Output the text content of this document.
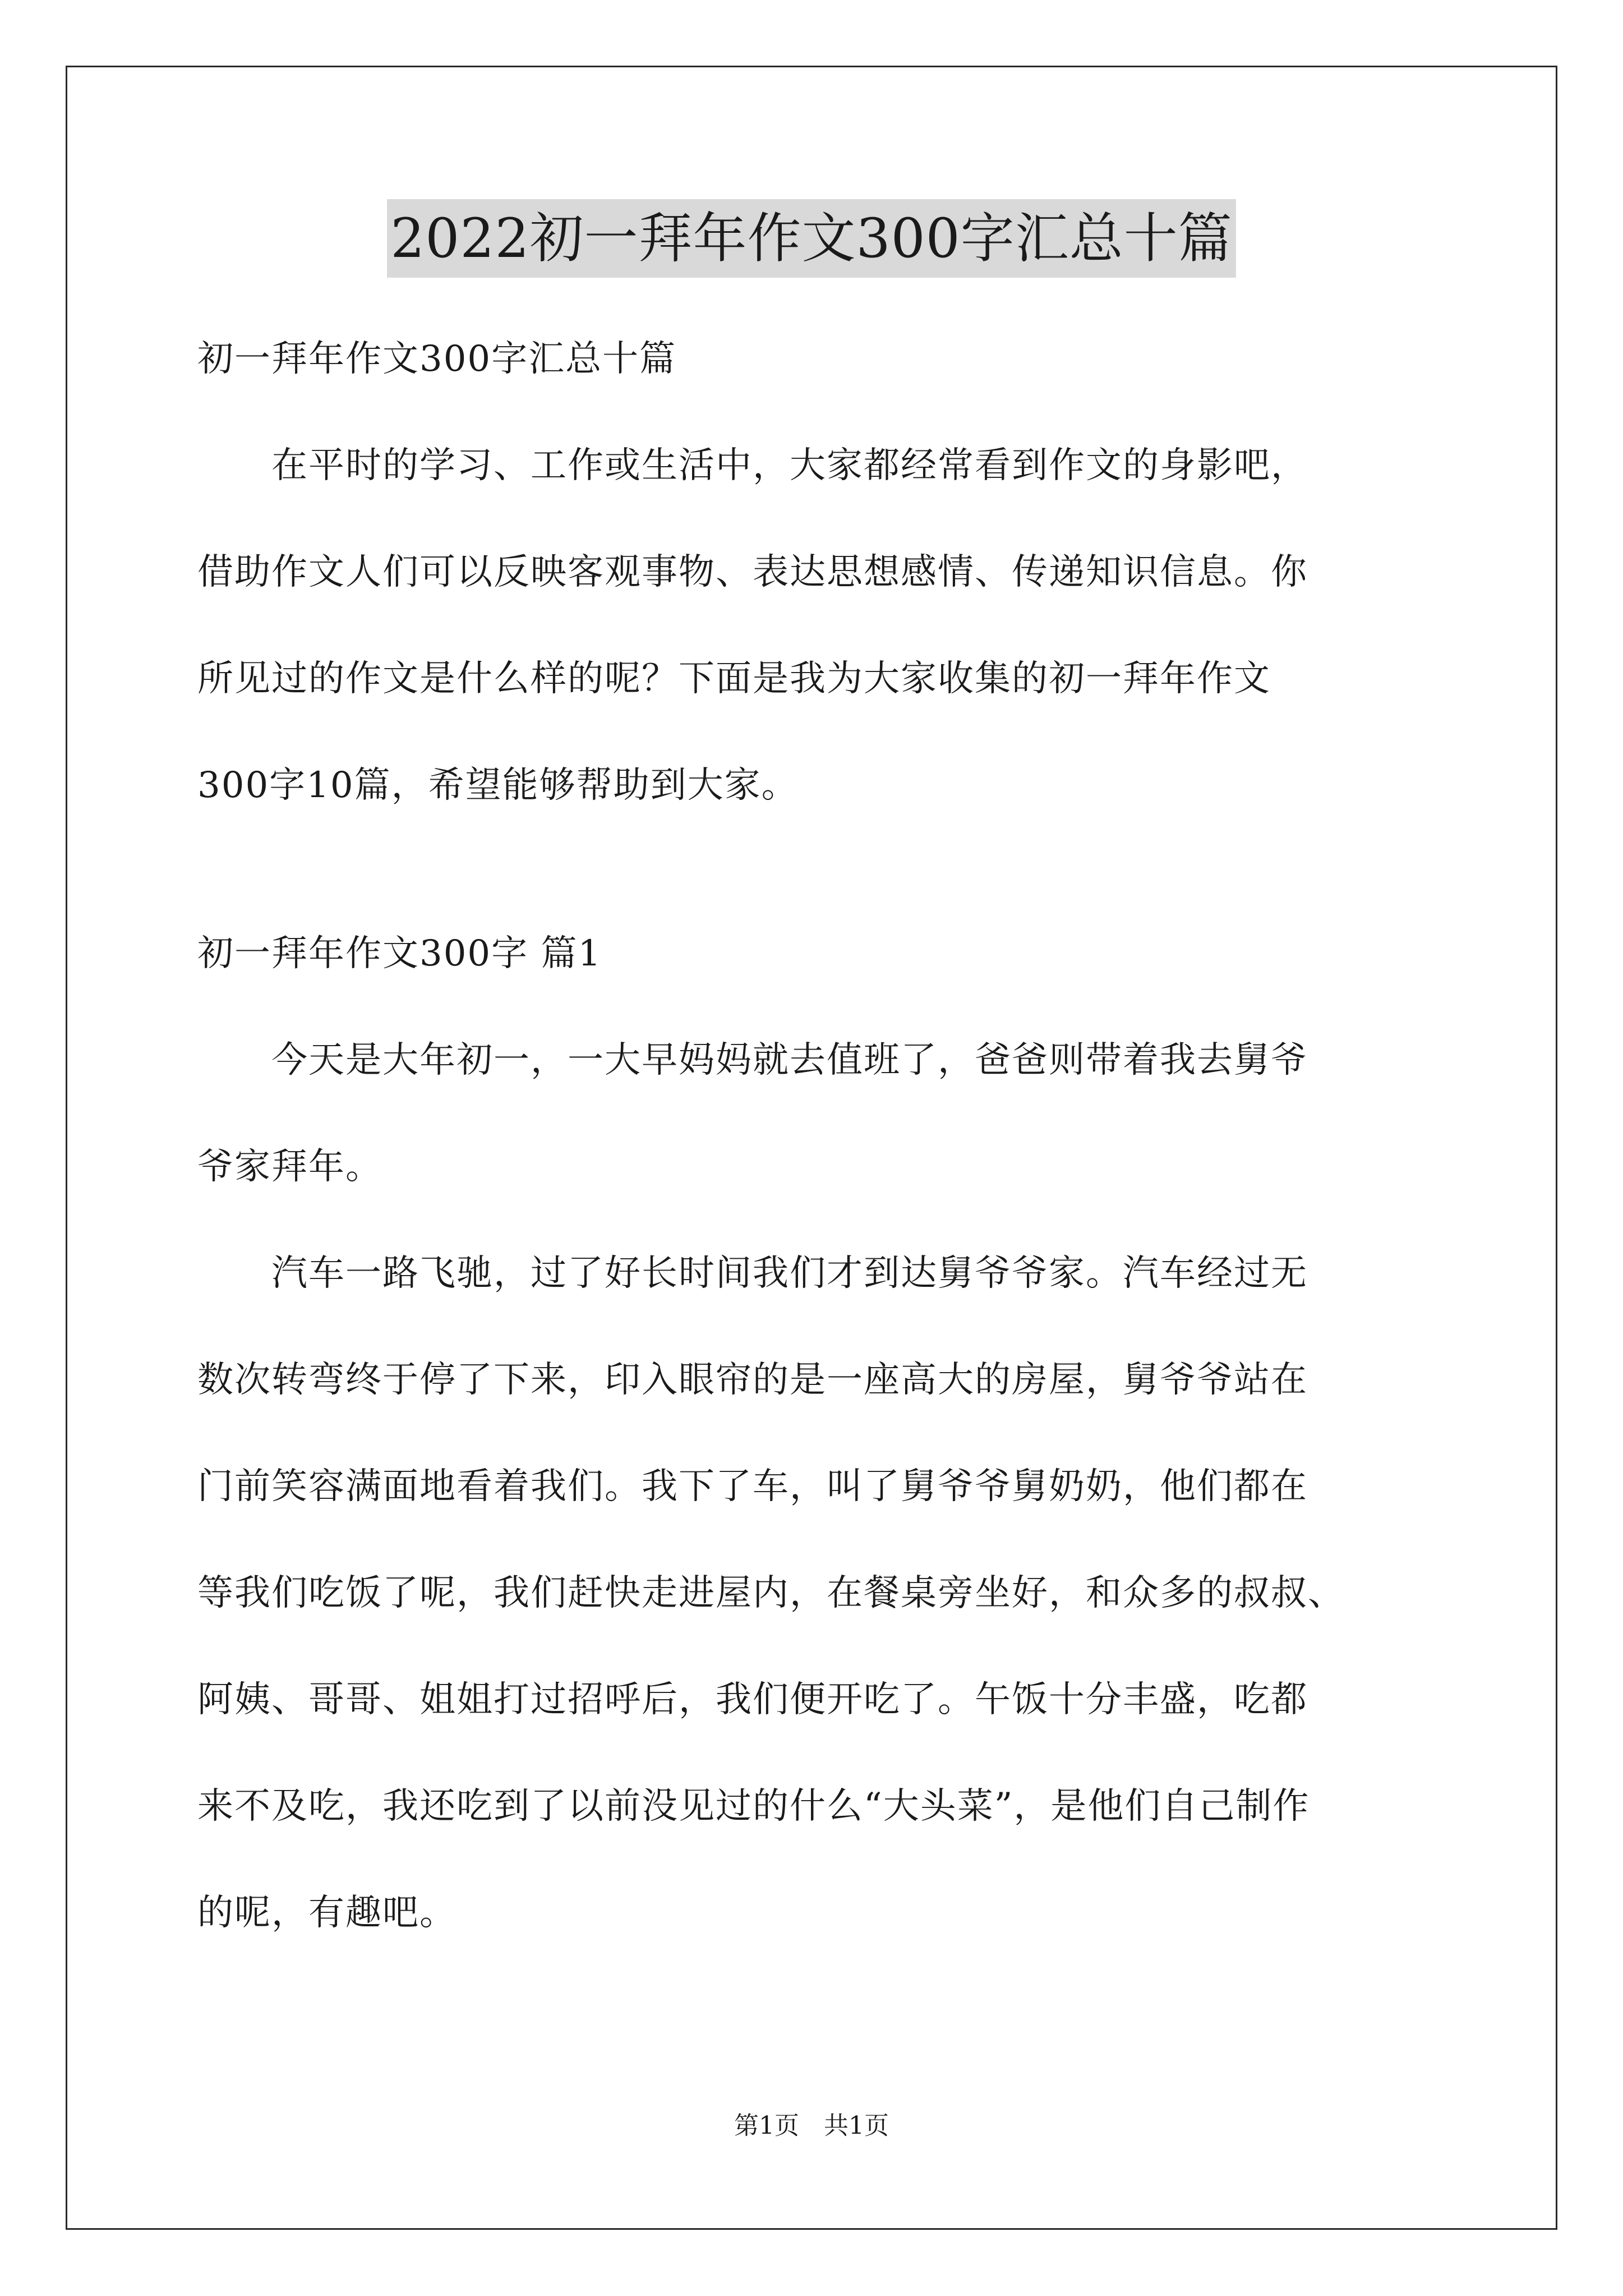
2022初一拜年作文300字汇总十篇
初一拜年作文300字汇总十篇
　　在平时的学习、工作或生活中，大家都经常看到作文的身影吧，
借助作文人们可以反映客观事物、表达思想感情、传递知识信息。你
所见过的作文是什么样的呢？下面是我为大家收集的初一拜年作文
300字10篇，希望能够帮助到大家。
初一拜年作文300字 篇1
　　今天是大年初一，一大早妈妈就去值班了，爸爸则带着我去舅爷
爷家拜年。
　　汽车一路飞驰，过了好长时间我们才到达舅爷爷家。汽车经过无
数次转弯终于停了下来，印入眼帘的是一座高大的房屋，舅爷爷站在
门前笑容满面地看着我们。我下了车，叫了舅爷爷舅奶奶，他们都在
等我们吃饭了呢，我们赶快走进屋内，在餐桌旁坐好，和众多的叔叔、
阿姨、哥哥、姐姐打过招呼后，我们便开吃了。午饭十分丰盛，吃都
来不及吃，我还吃到了以前没见过的什么“大头菜”，是他们自己制作
的呢，有趣吧。
第1页　共1页
